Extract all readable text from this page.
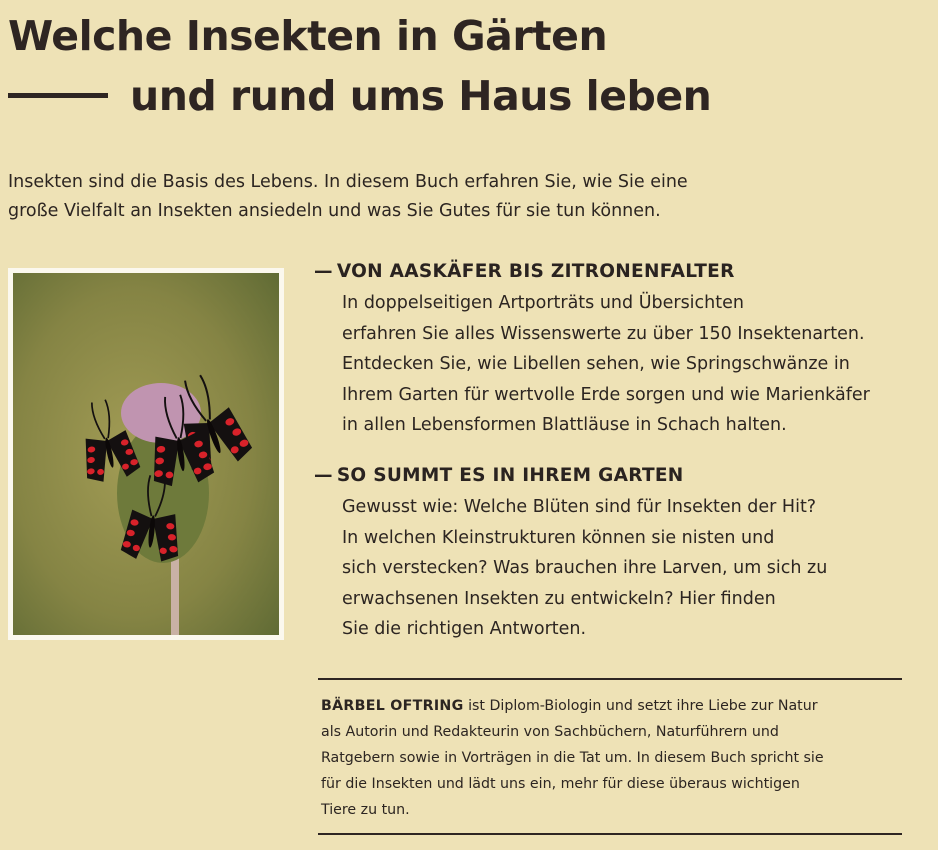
Welche Insekten in Gärten
und rund ums Haus leben

Insekten sind die Basis des Lebens. In diesem Buch erfahren Sie, wie Sie eine
große Vielfalt an Insekten ansiedeln und was Sie Gutes für sie tun können.

— VON AASKÄFER BIS ZITRONENFALTER

In doppelseitigen Artporträts und Übersichten
erfahren Sie alles Wissenswerte zu über 150 Insektenarten.
Entdecken Sie, wie Libellen sehen, wie Springschwänze in
Ihrem Garten für wertvolle Erde sorgen und wie Marienkäfer
in allen Lebensformen Blattläuse in Schach halten.

— SO SUMMT ES IN IHREM GARTEN

Gewusst wie: Welche Blüten sind für Insekten der Hit?
In welchen Kleinstrukturen können sie nisten und
sich verstecken? Was brauchen ihre Larven, um sich zu
erwachsenen Insekten zu entwickeln? Hier finden
Sie die richtigen Antworten.

BÄRBEL OFTRING ist Diplom-Biologin und setzt ihre Liebe zur Natur
als Autorin und Redakteurin von Sachbüchern, Naturführern und
Ratgebern sowie in Vorträgen in die Tat um. In diesem Buch spricht sie
für die Insekten und lädt uns ein, mehr für diese überaus wichtigen
Tiere zu tun.
